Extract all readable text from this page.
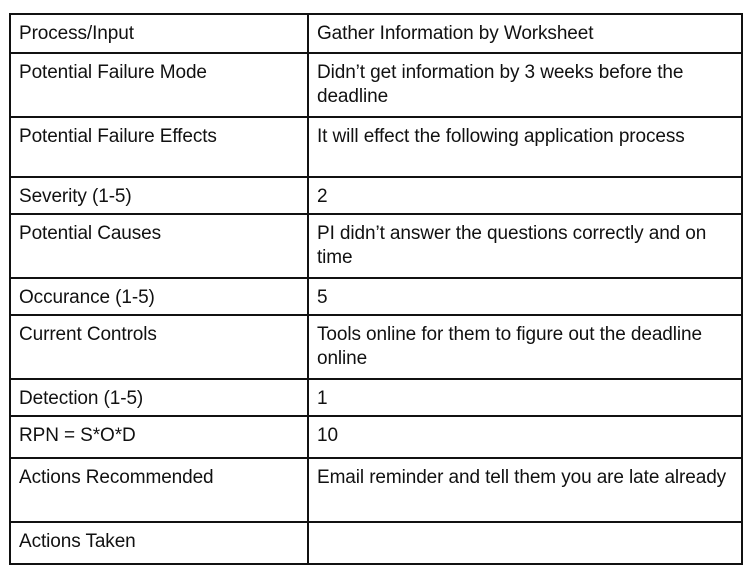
Process/Input	Gather Information by Worksheet
Potential Failure Mode	Didn’t get information by 3 weeks before the deadline
Potential Failure Effects	It will effect the following application process
Severity (1-5)	2
Potential Causes	PI didn’t answer the questions correctly and on time
Occurance (1-5)	5
Current Controls	Tools online for them to figure out the deadline online
Detection (1-5)	1
RPN = S*O*D	10
Actions Recommended	Email reminder and tell them you are late already
Actions Taken	
